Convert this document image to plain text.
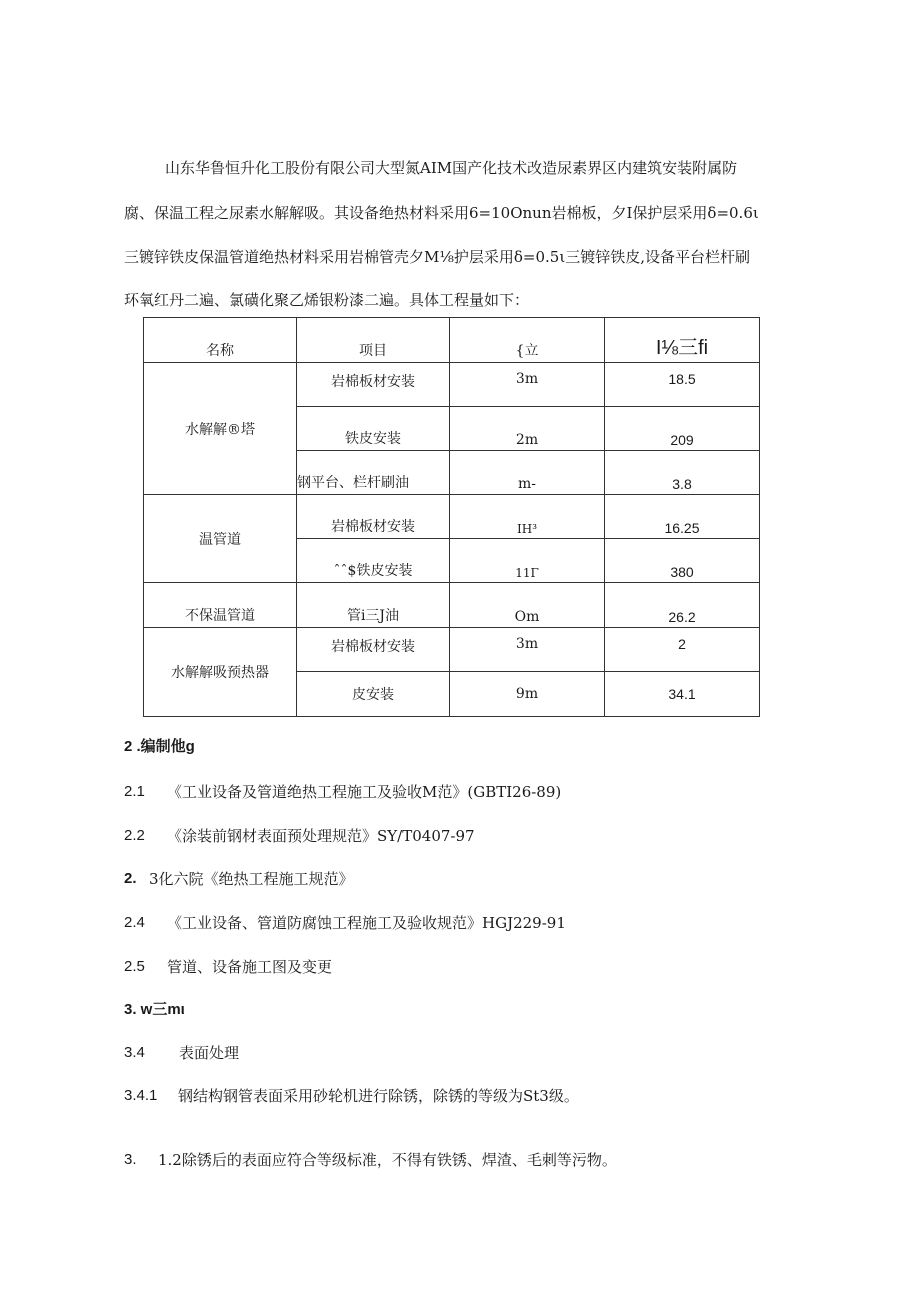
山东华鲁恒升化工股份有限公司大型氮AIM国产化技术改造尿素界区内建筑安装附属防
腐、保温工程之尿素水解解吸。其设备绝热材料采用6=10Onun岩棉板，夕I保护层采用δ=0.6ι
三镀锌铁皮保温管道绝热材料采用岩棉管壳夕M⅛护层采用δ=0.5ι三镀锌铁皮,设备平台栏杆刷
环氧红丹二遍、氯磺化聚乙烯银粉漆二遍。具体工程量如下：
名称	项目	{立	I⅛三fi
水解解®塔	岩棉板材安装	3m	18.5
	铁皮安装	2m	209
	钢平台、栏杆刷油	m-	3.8
温管道	岩棉板材安装	IH³	16.25
	ˆˆ$铁皮安装	11Γ	380
不保温管道	管i三J油	Om	26.2
水解解吸预热器	岩棉板材安装	3m	2
	皮安装	9m	34.1
2 .编制他g
2.1 《工业设备及管道绝热工程施工及验收M范》(GBTI26-89)
2.2 《涂装前钢材表面预处理规范》SY/T0407-97
2. 3化六院《绝热工程施工规范》
2.4 《工业设备、管道防腐蚀工程施工及验收规范》HGJ229-91
2.5 管道、设备施工图及变更
3. w三mι
3.4 表面处理
3.4.1 钢结构钢管表面采用砂轮机进行除锈，除锈的等级为St3级。
3. 1.2除锈后的表面应符合等级标准，不得有铁锈、焊渣、毛刺等污物。
